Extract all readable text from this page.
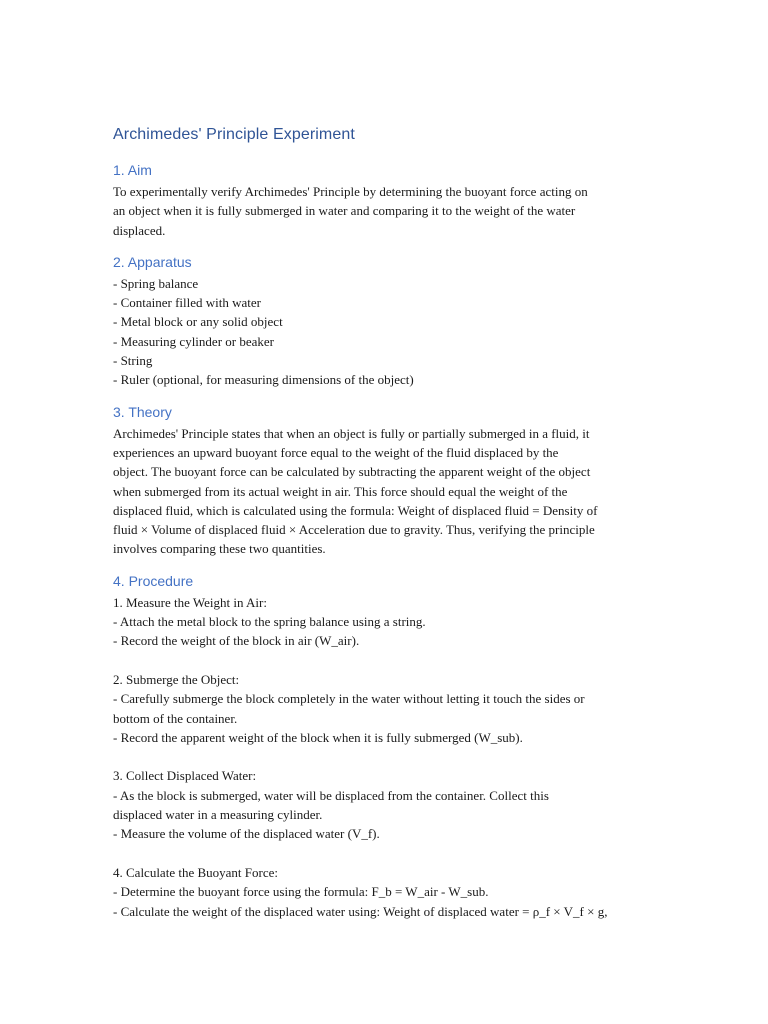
Archimedes' Principle Experiment
1. Aim

To experimentally verify Archimedes' Principle by determining the buoyant force acting on
an object when it is fully submerged in water and comparing it to the weight of the water
displaced.

2. Apparatus
- Spring balance
- Container filled with water
- Metal block or any solid object
- Measuring cylinder or beaker
- String
- Ruler (optional, for measuring dimensions of the object)
3. Theory

Archimedes' Principle states that when an object is fully or partially submerged in a fluid, it
experiences an upward buoyant force equal to the weight of the fluid displaced by the
object. The buoyant force can be calculated by subtracting the apparent weight of the object
when submerged from its actual weight in air. This force should equal the weight of the
displaced fluid, which is calculated using the formula: Weight of displaced fluid = Density of
fluid × Volume of displaced fluid × Acceleration due to gravity. Thus, verifying the principle
involves comparing these two quantities.

4. Procedure
1. Measure the Weight in Air:
- Attach the metal block to the spring balance using a string.
- Record the weight of the block in air (W_air).
2. Submerge the Object:
- Carefully submerge the block completely in the water without letting it touch the sides or
bottom of the container.
- Record the apparent weight of the block when it is fully submerged (W_sub).
3. Collect Displaced Water:
- As the block is submerged, water will be displaced from the container. Collect this
displaced water in a measuring cylinder.
- Measure the volume of the displaced water (V_f).
4. Calculate the Buoyant Force:
- Determine the buoyant force using the formula: F_b = W_air - W_sub.
- Calculate the weight of the displaced water using: Weight of displaced water = ρ_f × V_f × g,
